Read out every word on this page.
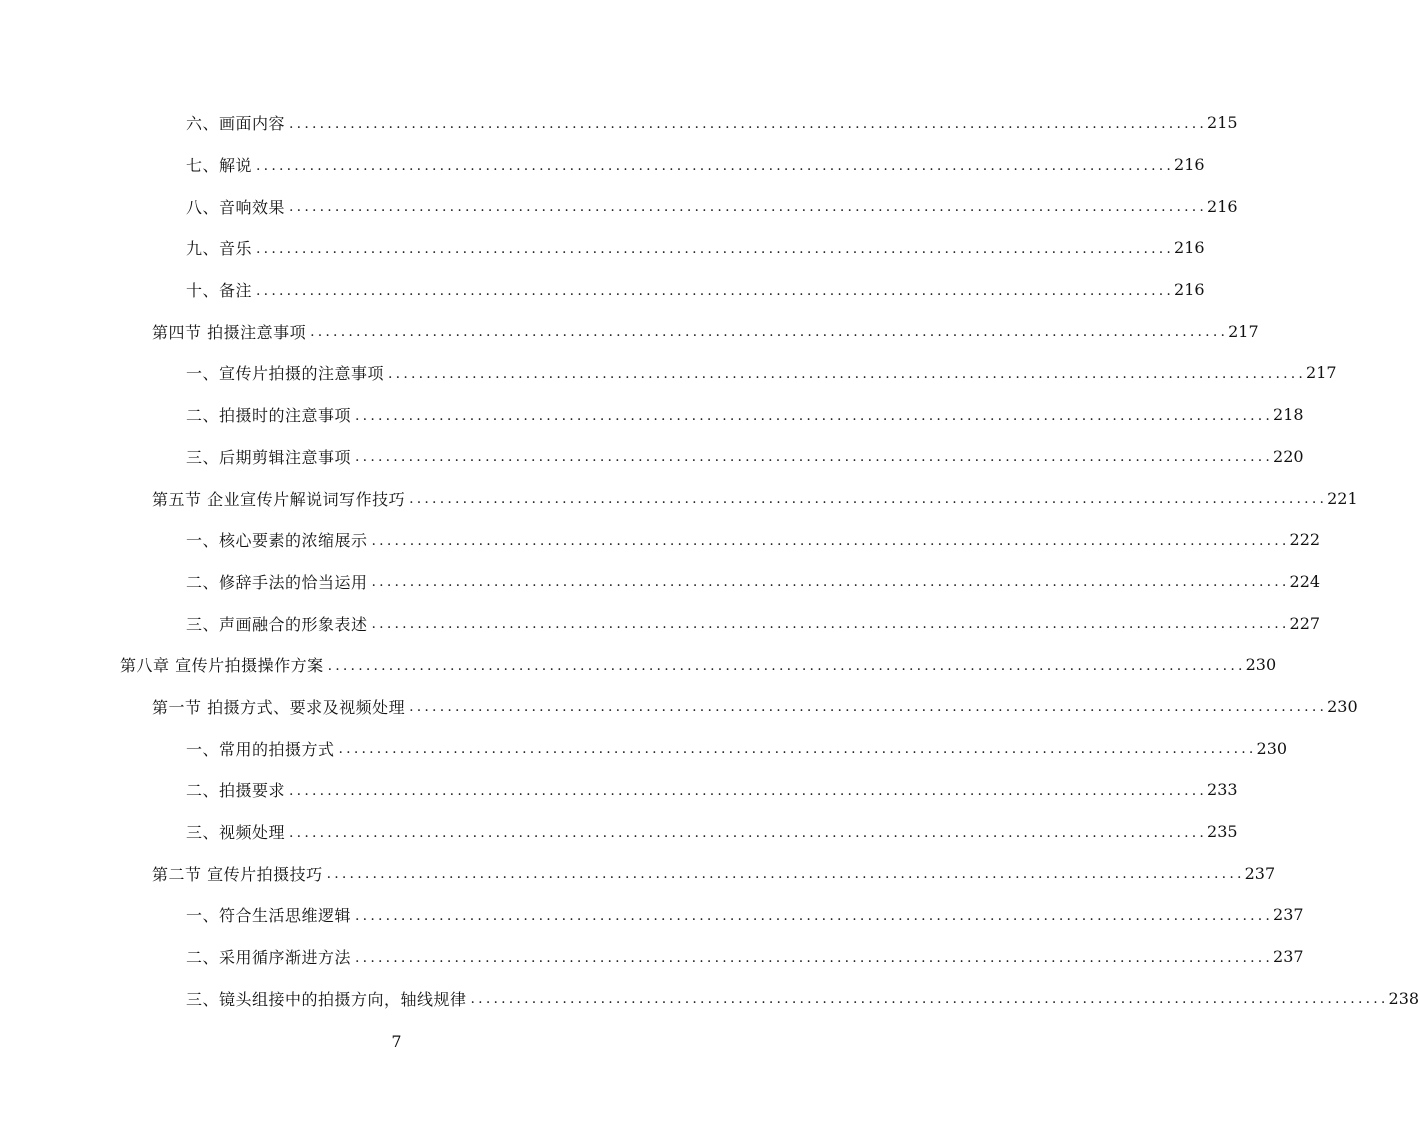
六、画面内容 ........................................................................................................................ 215
七、解说 ........................................................................................................................ 216
八、音响效果 ........................................................................................................................ 216
九、音乐 ........................................................................................................................ 216
十、备注 ........................................................................................................................ 216
第四节 拍摄注意事项 ........................................................................................................................ 217
一、宣传片拍摄的注意事项 ........................................................................................................................ 217
二、拍摄时的注意事项 ........................................................................................................................ 218
三、后期剪辑注意事项 ........................................................................................................................ 220
第五节 企业宣传片解说词写作技巧 ........................................................................................................................ 221
一、核心要素的浓缩展示 ........................................................................................................................ 222
二、修辞手法的恰当运用 ........................................................................................................................ 224
三、声画融合的形象表述 ........................................................................................................................ 227
第八章 宣传片拍摄操作方案 ........................................................................................................................ 230
第一节 拍摄方式、要求及视频处理 ........................................................................................................................ 230
一、常用的拍摄方式 ........................................................................................................................ 230
二、拍摄要求 ........................................................................................................................ 233
三、视频处理 ........................................................................................................................ 235
第二节 宣传片拍摄技巧 ........................................................................................................................ 237
一、符合生活思维逻辑 ........................................................................................................................ 237
二、采用循序渐进方法 ........................................................................................................................ 237
三、镜头组接中的拍摄方向，轴线规律 ........................................................................................................................ 238
7
